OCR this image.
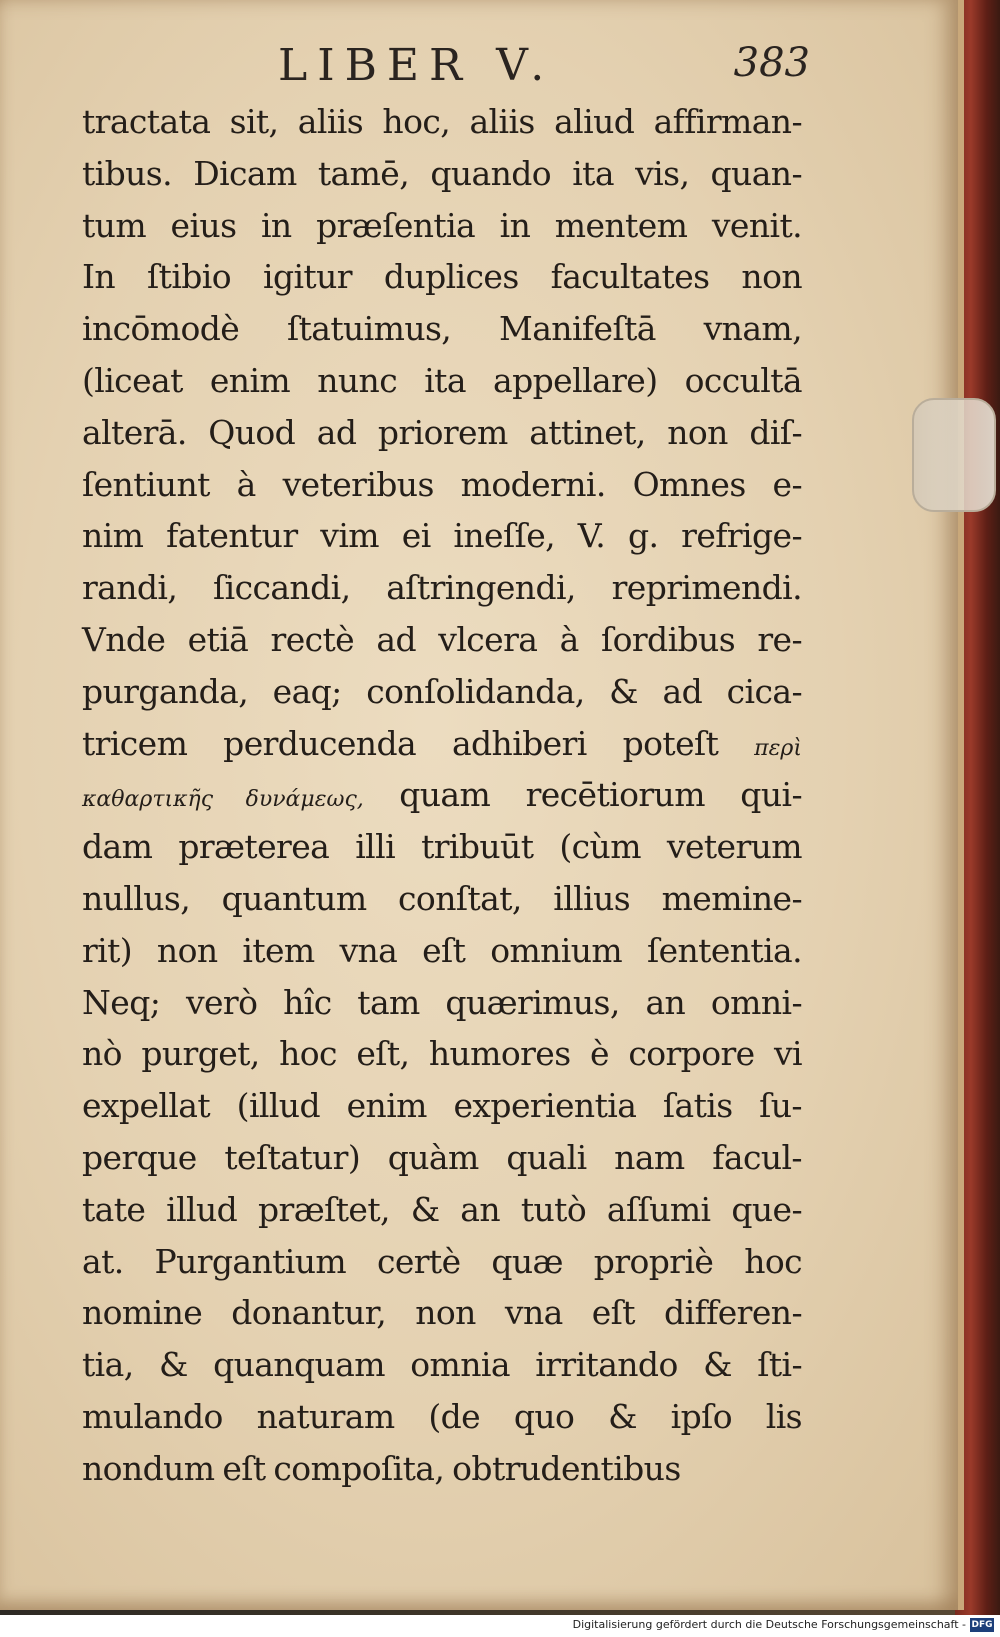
LIBER V.	383
tractata sit, aliis hoc, aliis aliud affirman-
tibus. Dicam tamē, quando ita vis, quan-
tum eius in præſentia in mentem venit.
In ſtibio igitur duplices facultates non
incōmodè ſtatuimus, Manifeſtā vnam,
(liceat enim nunc ita appellare) occultā
alterā. Quod ad priorem attinet, non diſ-
ſentiunt à veteribus moderni. Omnes e-
nim fatentur vim ei ineſſe, V. g. refrige-
randi, ſiccandi, aſtringendi, reprimendi.
Vnde etiā rectè ad vlcera à ſordibus re-
purganda, eaq; conſolidanda, & ad cica-
tricem perducenda adhiberi poteſt περὶ
καθαρτικῆς δυνάμεως, quam recētiorum qui-
dam præterea illi tribuūt (cùm veterum
nullus, quantum conſtat, illius memine-
rit) non item vna eſt omnium ſententia.
Neq; verò hîc tam quærimus, an omni-
nò purget, hoc eſt, humores è corpore vi
expellat (illud enim experientia ſatis ſu-
perque teſtatur) quàm quali nam facul-
tate illud præſtet, & an tutò aſſumi que-
at. Purgantium certè quæ propriè hoc
nomine donantur, non vna eſt differen-
tia, & quanquam omnia irritando & ſti-
mulando naturam (de quo & ipſo lis
nondum eſt compoſita, obtrudentibus
Digitalisierung gefördert durch die Deutsche Forschungsgemeinschaft - DFG
